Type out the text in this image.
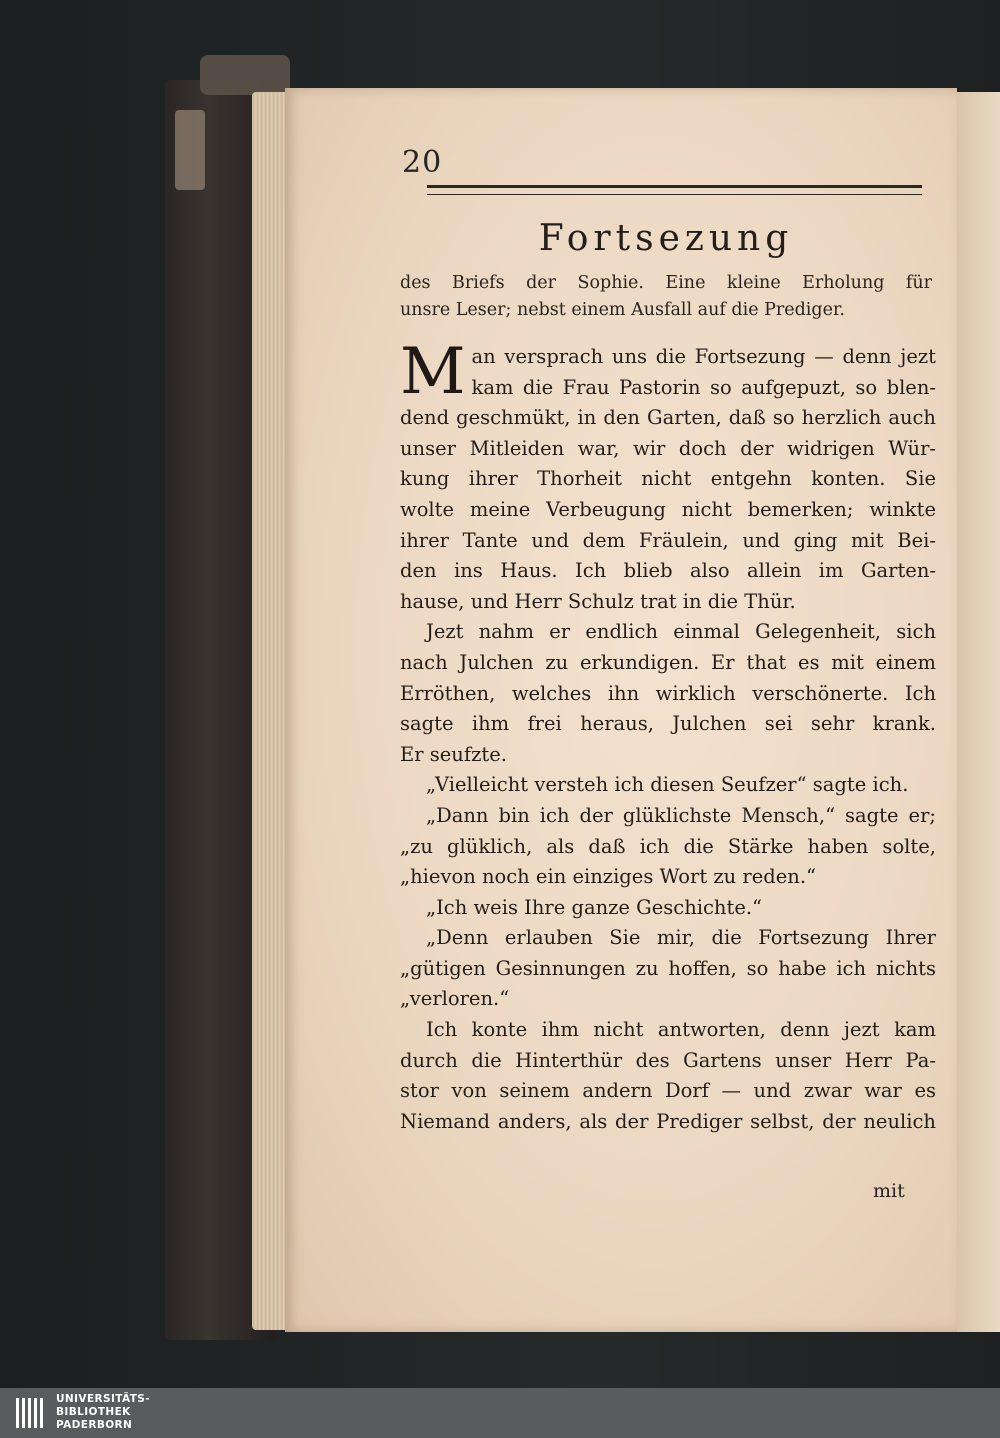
20
Fortsezung
des Briefs der Sophie. Eine kleine Erholung für
unsre Leser; nebst einem Ausfall auf die Prediger.
M an versprach uns die Fortsezung — denn jezt
kam die Frau Pastorin so aufgepuzt, so blen-
dend geschmükt, in den Garten, daß so herzlich auch
unser Mitleiden war, wir doch der widrigen Wür-
kung ihrer Thorheit nicht entgehn konten. Sie
wolte meine Verbeugung nicht bemerken; winkte
ihrer Tante und dem Fräulein, und ging mit Bei-
den ins Haus. Ich blieb also allein im Garten-
hause, und Herr Schulz trat in die Thür.
Jezt nahm er endlich einmal Gelegenheit, sich
nach Julchen zu erkundigen. Er that es mit einem
Erröthen, welches ihn wirklich verschönerte. Ich
sagte ihm frei heraus, Julchen sei sehr krank.
Er seufzte.
„Vielleicht versteh ich diesen Seufzer“ sagte ich.
„Dann bin ich der glüklichste Mensch,“ sagte er;
„zu glüklich, als daß ich die Stärke haben solte,
„hievon noch ein einziges Wort zu reden.“
„Ich weis Ihre ganze Geschichte.“
„Denn erlauben Sie mir, die Fortsezung Ihrer
„gütigen Gesinnungen zu hoffen, so habe ich nichts
„verloren.“
Ich konte ihm nicht antworten, denn jezt kam
durch die Hinterthür des Gartens unser Herr Pa-
stor von seinem andern Dorf — und zwar war es
Niemand anders, als der Prediger selbst, der neulich
mit
UNIVERSITÄTS-
BIBLIOTHEK
PADERBORN
